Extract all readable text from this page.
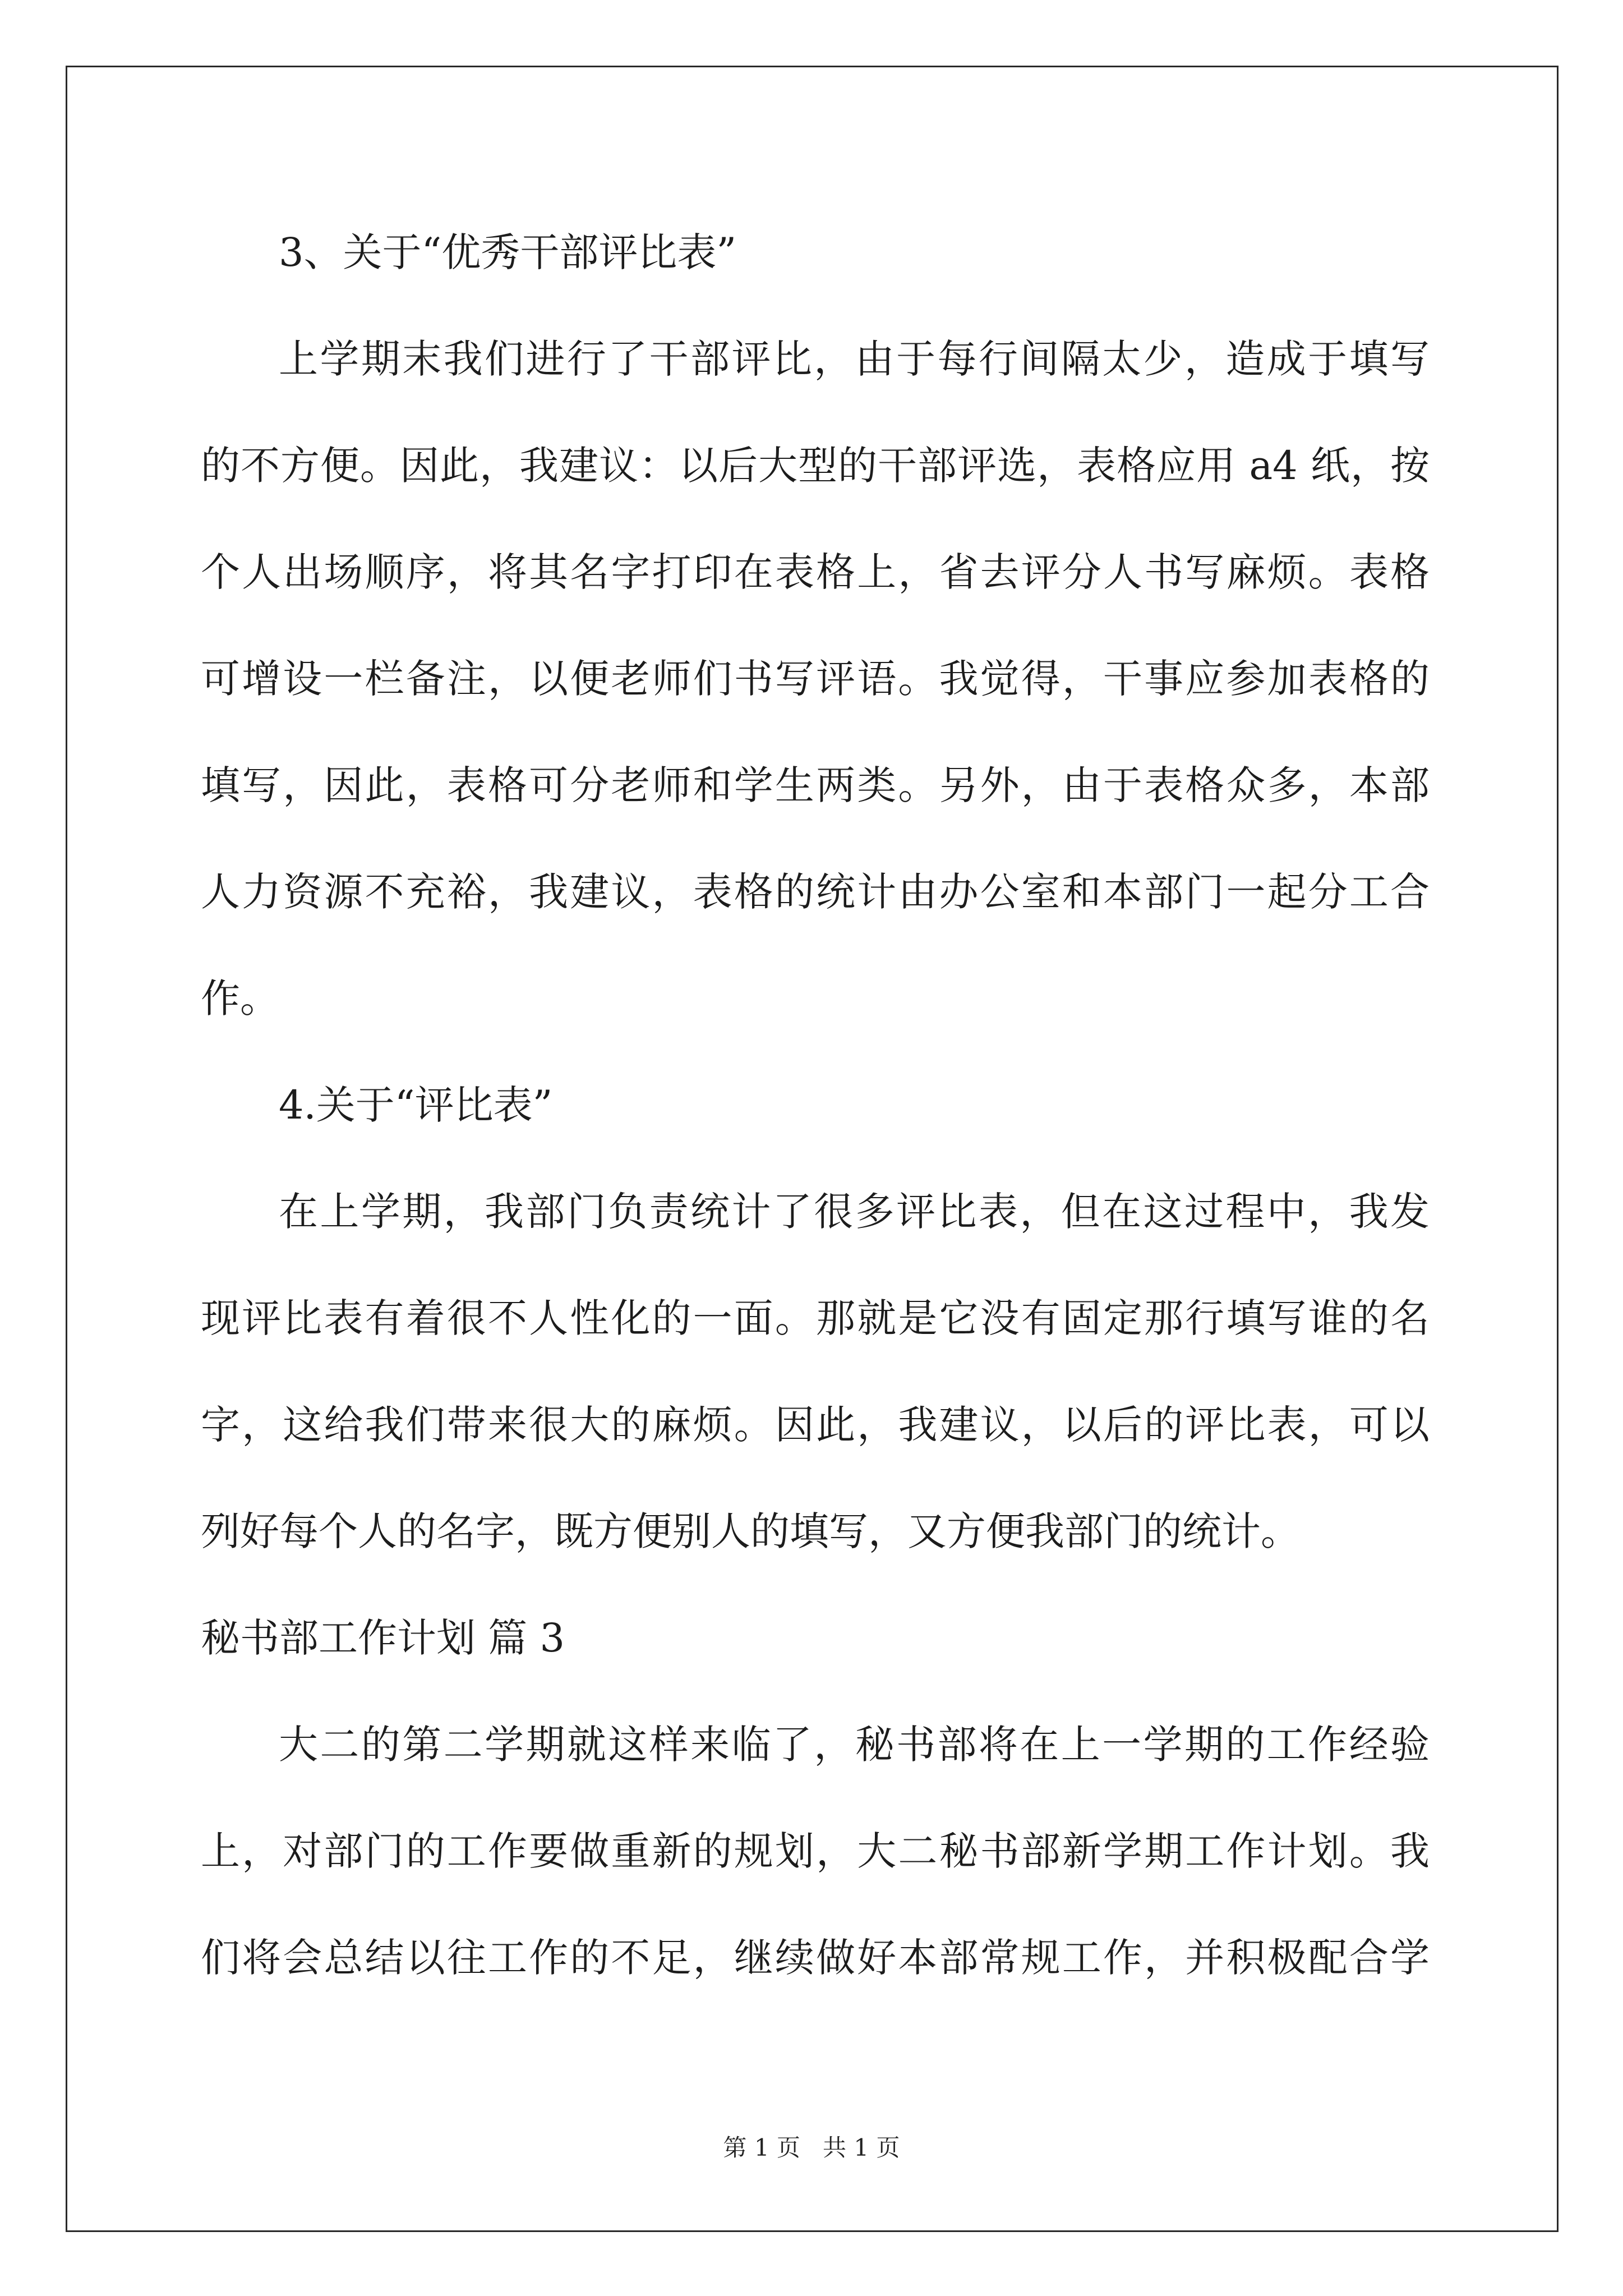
3、关于“优秀干部评比表”
上学期末我们进行了干部评比，由于每行间隔太少，造成于填写
的不方便。因此，我建议：以后大型的干部评选，表格应用 a4 纸，按
个人出场顺序，将其名字打印在表格上，省去评分人书写麻烦。表格
可增设一栏备注，以便老师们书写评语。我觉得，干事应参加表格的
填写，因此，表格可分老师和学生两类。另外，由于表格众多，本部
人力资源不充裕，我建议，表格的统计由办公室和本部门一起分工合
作。
4.关于“评比表”
在上学期，我部门负责统计了很多评比表，但在这过程中，我发
现评比表有着很不人性化的一面。那就是它没有固定那行填写谁的名
字，这给我们带来很大的麻烦。因此，我建议，以后的评比表，可以
列好每个人的名字，既方便别人的填写，又方便我部门的统计。
秘书部工作计划 篇 3
大二的第二学期就这样来临了，秘书部将在上一学期的工作经验
上，对部门的工作要做重新的规划，大二秘书部新学期工作计划。我
们将会总结以往工作的不足，继续做好本部常规工作，并积极配合学
第 1 页   共 1 页
